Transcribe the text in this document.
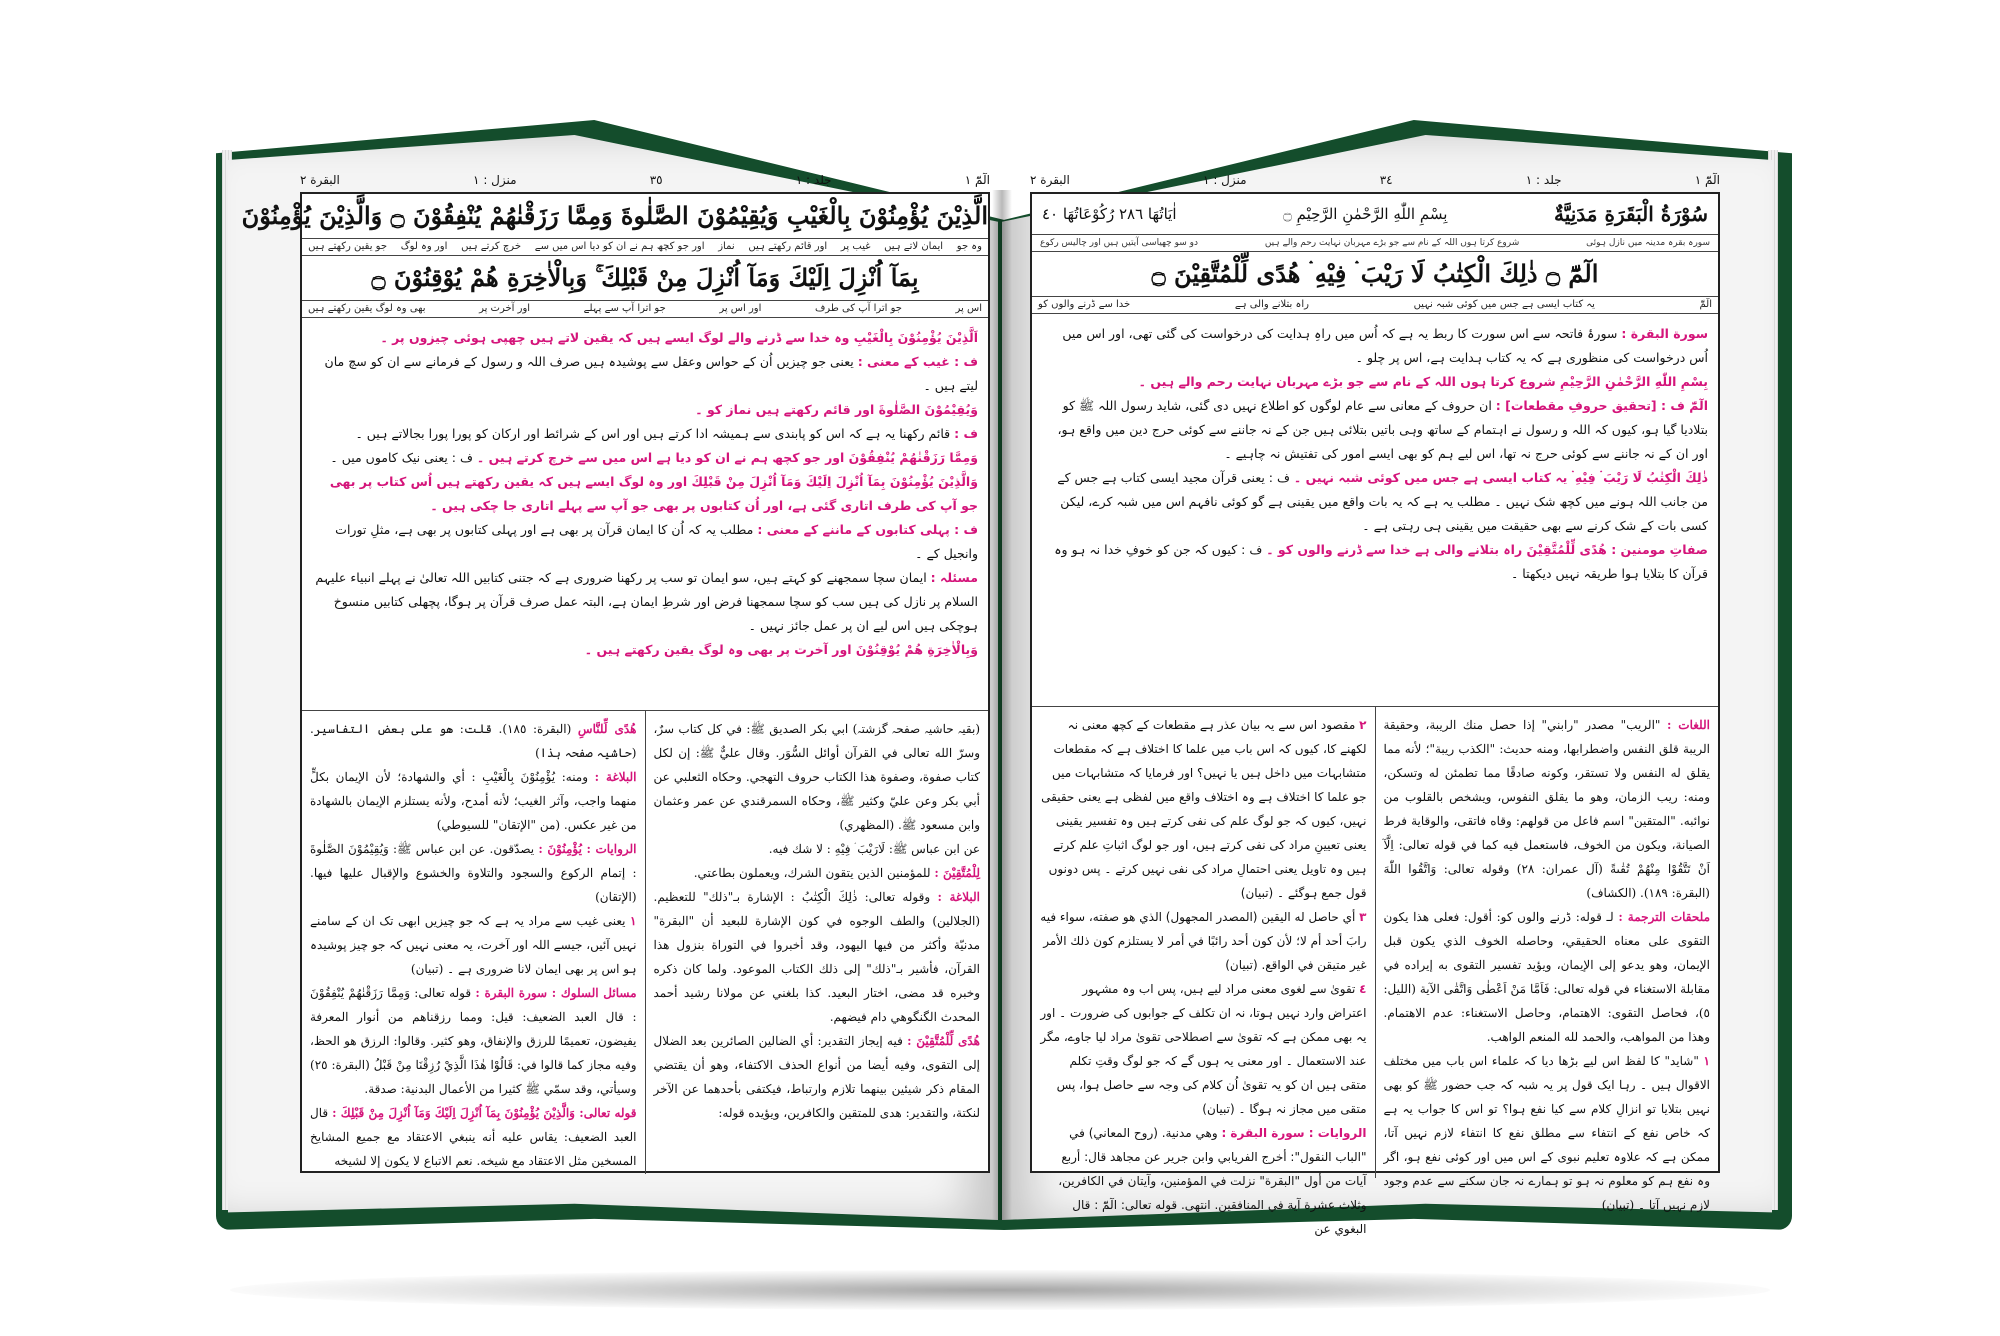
الٓمّٓ ١
جلد : ١
٣٥
منزل : ١
البقرة ٢
الَّذِيْنَ يُؤْمِنُوْنَ بِالْغَيْبِ وَيُقِيْمُوْنَ الصَّلٰوةَ وَمِمَّا رَزَقْنٰهُمْ يُنْفِقُوْنَ ۝ وَالَّذِيْنَ يُؤْمِنُوْنَ
وہ جو
ایمان لاتے ہیں
غیب پر
اور قائم رکھتے ہیں
نماز
اور جو کچھ ہم نے ان کو دیا اس میں سے
خرچ کرتے ہیں
اور وہ لوگ
جو یقین رکھتے ہیں
بِمَآ اُنْزِلَ اِلَيْكَ وَمَآ اُنْزِلَ مِنْ قَبْلِكَ ۚ وَبِالْاٰخِرَةِ هُمْ يُوْقِنُوْنَ ۝
اس پر
جو اترا آپ کی طرف
اور اس پر
جو اترا آپ سے پہلے
اور آخرت پر
بھی وہ لوگ یقین رکھتے ہیں

اَلَّذِيْنَ يُؤْمِنُوْنَ بِالْغَيْبِ وہ خدا سے ڈرنے والے لوگ ایسے ہیں کہ یقین لاتے ہیں چھپی ہوئی چیزوں پر ۔

ف : غیب کے معنی : یعنی جو چیزیں اُن کے حواس وعقل سے پوشیدہ ہیں صرف اللہ و رسول کے فرمانے سے ان کو سچ مان لیتے ہیں ۔

وَيُقِيْمُوْنَ الصَّلٰوةَ اور قائم رکھتے ہیں نماز کو ۔

ف : قائم رکھنا یہ ہے کہ اس کو پابندی سے ہمیشہ ادا کرتے ہیں اور اس کے شرائط اور ارکان کو پورا پورا بجالاتے ہیں ۔

وَمِمَّا رَزَقْنٰهُمْ يُنْفِقُوْنَ اور جو کچھ ہم نے ان کو دیا ہے اس میں سے خرچ کرتے ہیں ۔ ف : یعنی نیک کاموں میں ۔

وَالَّذِيْنَ يُؤْمِنُوْنَ بِمَآ اُنْزِلَ اِلَيْكَ وَمَآ اُنْزِلَ مِنْ قَبْلِكَ اور وہ لوگ ایسے ہیں کہ یقین رکھتے ہیں اُس کتاب پر بھی جو آپ کی طرف اتاری گئی ہے، اور اُن کتابوں پر بھی جو آپ سے پہلے اتاری جا چکی ہیں ۔

ف : پہلی کتابوں کے ماننے کے معنی : مطلب یہ کہ اُن کا ایمان قرآن پر بھی ہے اور پہلی کتابوں پر بھی ہے، مثلِ تورات وانجیل کے ۔

مسئلہ : ایمان سچا سمجھنے کو کہتے ہیں، سو ایمان تو سب پر رکھنا ضروری ہے کہ جتنی کتابیں اللہ تعالیٰ نے پہلے انبیاء علیہم السلام پر نازل کی ہیں سب کو سچا سمجھنا فرض اور شرطِ ایمان ہے، البتہ عمل صرف قرآن پر ہوگا، پچھلی کتابیں منسوخ ہوچکی ہیں اس لیے ان پر عمل جائز نہیں ۔

وَبِالْاٰخِرَةِ هُمْ يُوْقِنُوْنَ اور آخرت پر بھی وہ لوگ یقین رکھتے ہیں ۔

(بقیہ حاشیہ صفحہ گزشتہ) ابي بكر الصديق ﷺ: في كل كتاب سرٌ، وسرّ الله تعالى في القرآن أوائل السُّوَر. وقال عليٌّ ﷺ: إن لكل كتاب صفوة، وصفوة هذا الكتاب حروف التهجي. وحكاه الثعلبي عن أبي بكر وعن عليّ وكثير ﷺ، وحكاه السمرقندي عن عمر وعثمان وابن مسعود ﷺ. (المظهري)

عن ابن عباس ﷺ: لَارَيْبَ ۛ فِيْهِ : لا شك فيه.

لِلْمُتَّقِيْنَ : للمؤمنين الذين يتقون الشرك، ويعملون بطاعتي.

البلاغة : وقوله تعالى: ذٰلِكَ الْكِتٰبُ : الإشارة بـ"ذلك" للتعظيم. (الجلالين) والطف الوجوه في كون الإشارة للبعيد أن "البقرة" مدنيّة وأكثر من فيها اليهود، وقد أخبروا في التوراة بنزول هذا القرآن، فأشير بـ"ذلك" إلى ذلك الكتاب الموعود. ولما كان ذكره وخبره قد مضى، اختار البعيد. كذا بلغني عن مولانا رشيد أحمد المحدث الگنگوهي دام فيضهم.

هُدًى لِّلْمُتَّقِيْنَ : فيه إيجاز التقدير: أي الضالين الصائرين بعد الضلال إلى التقوى، وفيه أيضا من أنواع الحذف الاكتفاء، وهو أن يقتضي المقام ذكر شيئين بينهما تلازم وارتباط، فيكتفى بأحدهما عن الآخر لنكتة، والتقدير: هدى للمتقين والكافرين، ويؤيده قوله:

هُدًى لِّلنَّاسِ (البقرة: ١٨٥). قلت: هو على بعض التفاسير. (حاشیہ صفحہ ہذا)

البلاغة : ومنه: يُؤْمِنُوْنَ بِالْغَيْبِ : أي والشهادة؛ لأن الإيمان بكلٍّ منهما واجب، وآثر الغيب؛ لأنه أمدح، ولأنه يستلزم الإيمان بالشهادة من غير عكس. (من "الإتقان" للسيوطي)

الروايات : يُؤْمِنُوْنَ : يصدّقون. عن ابن عباس ﷺ: وَيُقِيْمُوْنَ الصَّلٰوةَ : إتمام الركوع والسجود والتلاوة والخشوع والإقبال عليها فيها. (الإتقان)

١ یعنی غیب سے مراد یہ ہے کہ جو چیزیں ابھی تک ان کے سامنے نہیں آئیں، جیسے اللہ اور آخرت، یہ معنی نہیں کہ جو چیز پوشیدہ ہو اس پر بھی ایمان لانا ضروری ہے ۔ (تبیان)

مسائل السلوك : سورة البقرة : قوله تعالى: وَمِمَّا رَزَقْنٰهُمْ يُنْفِقُوْنَ : قال العبد الضعيف: قيل: ومما رزقناهم من أنوار المعرفة يفيضون، تعميمًا للرزق والإنفاق، وهو كثير. وقالوا: الرزق هو الحظ، وفيه مجاز كما قالوا في: قَالُوْا هٰذَا الَّذِيْ رُزِقْنَا مِنْ قَبْلُ (البقرة: ٢٥) وسيأتي، وقد سمّي ﷺ كثيرا من الأعمال البدنية: صدقة.

قوله تعالى: وَالَّذِيْنَ يُؤْمِنُوْنَ بِمَآ اُنْزِلَ اِلَيْكَ وَمَآ اُنْزِلَ مِنْ قَبْلِكَ : قال العبد الضعيف: يقاس عليه أنه ينبغي الاعتقاد مع جميع المشايخ المسخين مثل الاعتقاد مع شيخه. نعم الاتباع لا يكون إلا لشيخه

الٓمّٓ ١
جلد : ١
٣٤
منزل : ١
البقرة ٢
سُوْرَةُ الْبَقَرَةِ مَدَنِيَّةٌ
بِسْمِ اللّٰهِ الرَّحْمٰنِ الرَّحِيْمِ ۝
اٰيَاتُهَا ٢٨٦ رُكُوْعَاتُهَا ٤٠
سورہ بقرہ مدینہ میں نازل ہوئی
شروع کرتا ہوں اللہ کے نام سے جو بڑے مہربان نہایت رحم والے ہیں
دو سو چھیاسی آیتیں ہیں اور چالیس رکوع
الٓمّٓ ۝ ذٰلِكَ الْكِتٰبُ لَا رَيْبَ ۛ فِيْهِ ۛ هُدًى لِّلْمُتَّقِيْنَ ۝
الٓمّٓ
یہ کتاب ایسی ہے جس میں کوئی شبہ نہیں
راہ بتلانے والی ہے
خدا سے ڈرنے والوں کو

سورة البقرة : سورۂ فاتحہ سے اس سورت کا ربط یہ ہے کہ اُس میں راہِ ہدایت کی درخواست کی گئی تھی، اور اس میں اُس درخواست کی منظوری ہے کہ یہ کتاب ہدایت ہے، اس پر چلو ۔

بِسْمِ اللّٰهِ الرَّحْمٰنِ الرَّحِيْمِ شروع کرتا ہوں اللہ کے نام سے جو بڑے مہربان نہایت رحم والے ہیں ۔

الٓمّٓ ف : [تحقیق حروفِ مقطعات] : ان حروف کے معانی سے عام لوگوں کو اطلاع نہیں دی گئی، شاید رسول اللہ ﷺ کو بتلادیا گیا ہو، کیوں کہ اللہ و رسول نے اہتمام کے ساتھ وہی باتیں بتلائی ہیں جن کے نہ جاننے سے کوئی حرج دین میں واقع ہو، اور ان کے نہ جاننے سے کوئی حرج نہ تھا، اس لیے ہم کو بھی ایسے امور کی تفتیش نہ چاہیے ۔

ذٰلِكَ الْكِتٰبُ لَا رَيْبَ ۛ فِيْهِ ۛ یہ کتاب ایسی ہے جس میں کوئی شبہ نہیں ۔ ف : یعنی قرآن مجید ایسی کتاب ہے جس کے من جانب اللہ ہونے میں کچھ شک نہیں ۔ مطلب یہ ہے کہ یہ بات واقع میں یقینی ہے گو کوئی نافہم اس میں شبہ کرے، لیکن کسی بات کے شک کرنے سے بھی حقیقت میں یقینی ہی رہتی ہے ۔

صفاتِ مومنین : هُدًى لِّلْمُتَّقِيْنَ راہ بتلانے والی ہے خدا سے ڈرنے والوں کو ۔ ف : کیوں کہ جن کو خوفِ خدا نہ ہو وہ قرآن کا بتلایا ہوا طریقہ نہیں دیکھتا ۔

اللغات : "الريب" مصدر "رابني" إذا حصل منك الريبة، وحقيقة الريبة قلق النفس واضطرابها، ومنه حديث: "الكذب ريبة"؛ لأنه مما يقلق له النفس ولا تستقر، وكونه صادقًا مما تطمئن له وتسكن، ومنه: ريب الزمان، وهو ما يقلق النفوس، ويشخص بالقلوب من نوائبه. "المتقين" اسم فاعل من قولهم: وقاه فاتقى، والوقاية فرط الصيانة، ويكون من الخوف، فاستعمل فيه كما في قوله تعالى: اِلَّآ اَنْ تَتَّقُوْا مِنْهُمْ تُقٰىةً (آل عمران: ٢٨) وقوله تعالى: وَاتَّقُوا اللّٰهَ (البقرة: ١٨٩). (الكشاف)

ملحقات الترجمة : لـ قوله: ڈرنے والوں کو: أقول: فعلى هذا يكون التقوى على معناه الحقيقي، وحاصله الخوف الذي يكون قبل الإيمان، وهو يدعو إلى الإيمان، ويؤيد تفسير التقوى به إيراده في مقابلة الاستغناء في قوله تعالى: فَاَمَّا مَنْ اَعْطٰى وَاتَّقٰى الآية (الليل: ٥)، فحاصل التقوى: الاهتمام، وحاصل الاستغناء: عدم الاهتمام. وهذا من المواهب، والحمد لله المنعم الواهب.

١ "شاید" کا لفظ اس لیے بڑھا دیا کہ علماء اس باب میں مختلف الاقوال ہیں ۔ رہا ایک قول پر یہ شبہ کہ جب حضور ﷺ کو بھی نہیں بتلایا تو انزالِ کلام سے کیا نفع ہوا؟ تو اس کا جواب یہ ہے کہ خاص نفع کے انتفاء سے مطلق نفع کا انتفاء لازم نہیں آتا، ممکن ہے کہ علاوہ تعلیم نبوی کے اس میں اور کوئی نفع ہو، اگر وہ نفع ہم کو معلوم نہ ہو تو ہمارے نہ جان سکنے سے عدم وجود لازم نہیں آتا ۔ (تبیان)

٢ مقصود اس سے یہ بیان عذر ہے مقطعات کے کچھ معنی نہ لکھنے کا، کیوں کہ اس باب میں علما کا اختلاف ہے کہ مقطعات متشابہات میں داخل ہیں یا نہیں؟ اور فرمایا کہ متشابہات میں جو علما کا اختلاف ہے وہ اختلاف واقع میں لفظی ہے یعنی حقیقی نہیں، کیوں کہ جو لوگ علم کی نفی کرتے ہیں وہ تفسیر یقینی یعنی تعیینِ مراد کی نفی کرتے ہیں، اور جو لوگ اثباتِ علم کرتے ہیں وہ تاویل یعنی احتمالِ مراد کی نفی نہیں کرتے ۔ پس دونوں قول جمع ہوگئے ۔ (تبیان)

٣ أي حاصل له اليقين (المصدر المجهول) الذي هو صفته، سواء فيه رابَ أحد أم لا؛ لأن كون أحد رائبًا في أمر لا يستلزم كون ذلك الأمر غير متيقن في الواقع. (تبيان)

٤ تقویٰ سے لغوی معنی مراد لیے ہیں، پس اب وہ مشہور اعتراض وارد نہیں ہوتا، نہ ان تکلف کے جوابوں کی ضرورت ۔ اور یہ بھی ممکن ہے کہ تقویٰ سے اصطلاحی تقویٰ مراد لیا جاوے، مگر عند الاستعمال ۔ اور معنی یہ ہوں گے کہ جو لوگ وقتِ تکلم متقی ہیں ان کو یہ تقویٰ اُن کلام کی وجہ سے حاصل ہوا، پس متقی میں مجاز نہ ہوگا ۔ (تبیان)

الروايات : سورة البقرة : وهي مدنية. (روح المعاني) في "الباب النقول": أخرج الفريابي وابن جرير عن مجاهد قال: أربع آيات من أول "البقرة" نزلت في المؤمنين، وآيتان في الكافرين، وثلاث عشرة آية في المنافقين. انتهى. قوله تعالى: الٓمّٓ : قال البغوي عن
